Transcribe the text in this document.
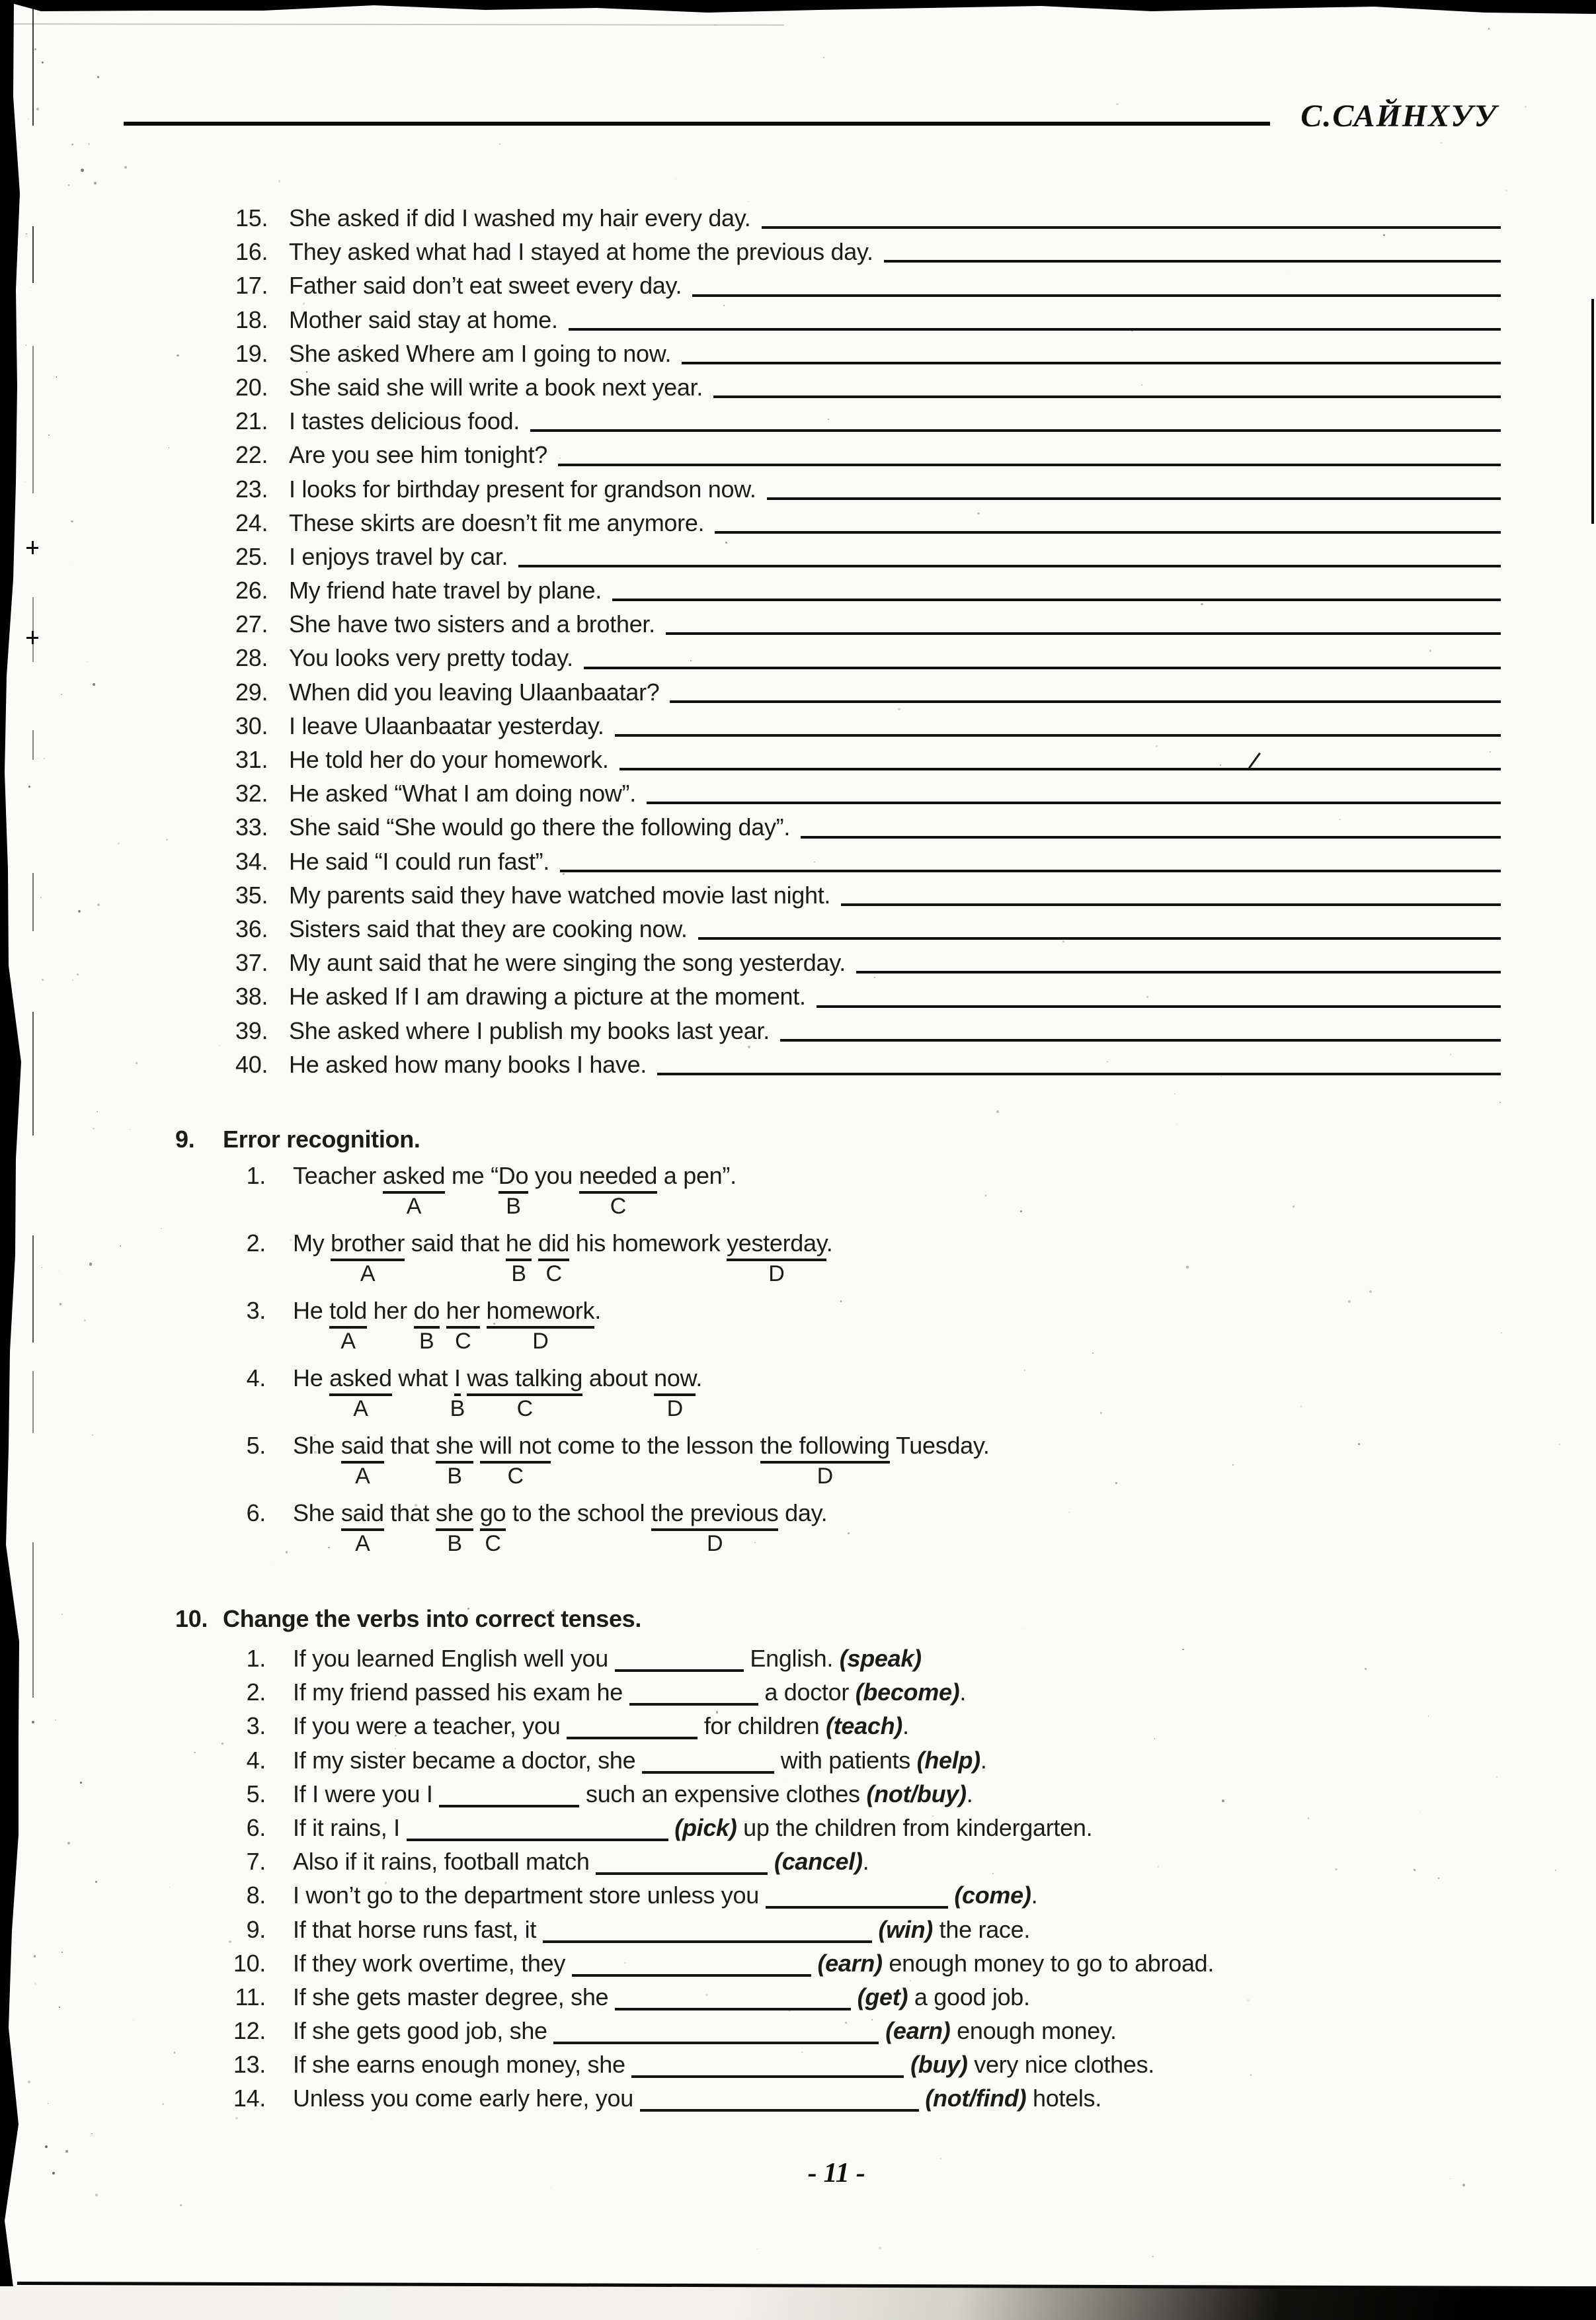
С.САЙНХУУ
15. She asked if did I washed my hair every day.
16. They asked what had I stayed at home the previous day.
17. Father said don’t eat sweet every day.
18. Mother said stay at home.
19. She asked Where am I going to now.
20. She said she will write a book next year.
21. I tastes delicious food.
22. Are you see him tonight?
23. I looks for birthday present for grandson now.
24. These skirts are doesn’t fit me anymore.
25. I enjoys travel by car.
26. My friend hate travel by plane.
27. She have two sisters and a brother.
28. You looks very pretty today.
29. When did you leaving Ulaanbaatar?
30. I leave Ulaanbaatar yesterday.
31. He told her do your homework.
32. He asked “What I am doing now”.
33. She said “She would go there the following day”.
34. He said “I could run fast”.
35. My parents said they have watched movie last night.
36. Sisters said that they are cooking now.
37. My aunt said that he were singing the song yesterday.
38. He asked If I am drawing a picture at the moment.
39. She asked where I publish my books last year.
40. He asked how many books I have.
9. Error recognition.
1. Teacher asked me “Do you needed a pen”.
A	B	C
2. My brother said that he did his homework yesterday.
A	B C	D
3. He told her do her homework.
A	B C	D
4. He asked what I was talking about now.
A	B C	D
5. She said that she will not come to the lesson the following Tuesday.
A	B C	D
6. She said that she go to the school the previous day.
A	B C	D
10. Change the verbs into correct tenses.
1. If you learned English well you	English. (speak)
2. If my friend passed his exam he	a doctor (become).
3. If you were a teacher, you	for children (teach).
4. If my sister became a doctor, she	with patients (help).
5. If I were you I	such an expensive clothes (not/buy).
6. If it rains, I	(pick) up the children from kindergarten.
7. Also if it rains, football match	(cancel).
8. I won’t go to the department store unless you	(come).
9. If that horse runs fast, it	(win) the race.
10. If they work overtime, they	(earn) enough money to go to abroad.
11. If she gets master degree, she	(get) a good job.
12. If she gets good job, she	(earn) enough money.
13. If she earns enough money, she	(buy) very nice clothes.
14. Unless you come early here, you	(not/find) hotels.
- 11 -
